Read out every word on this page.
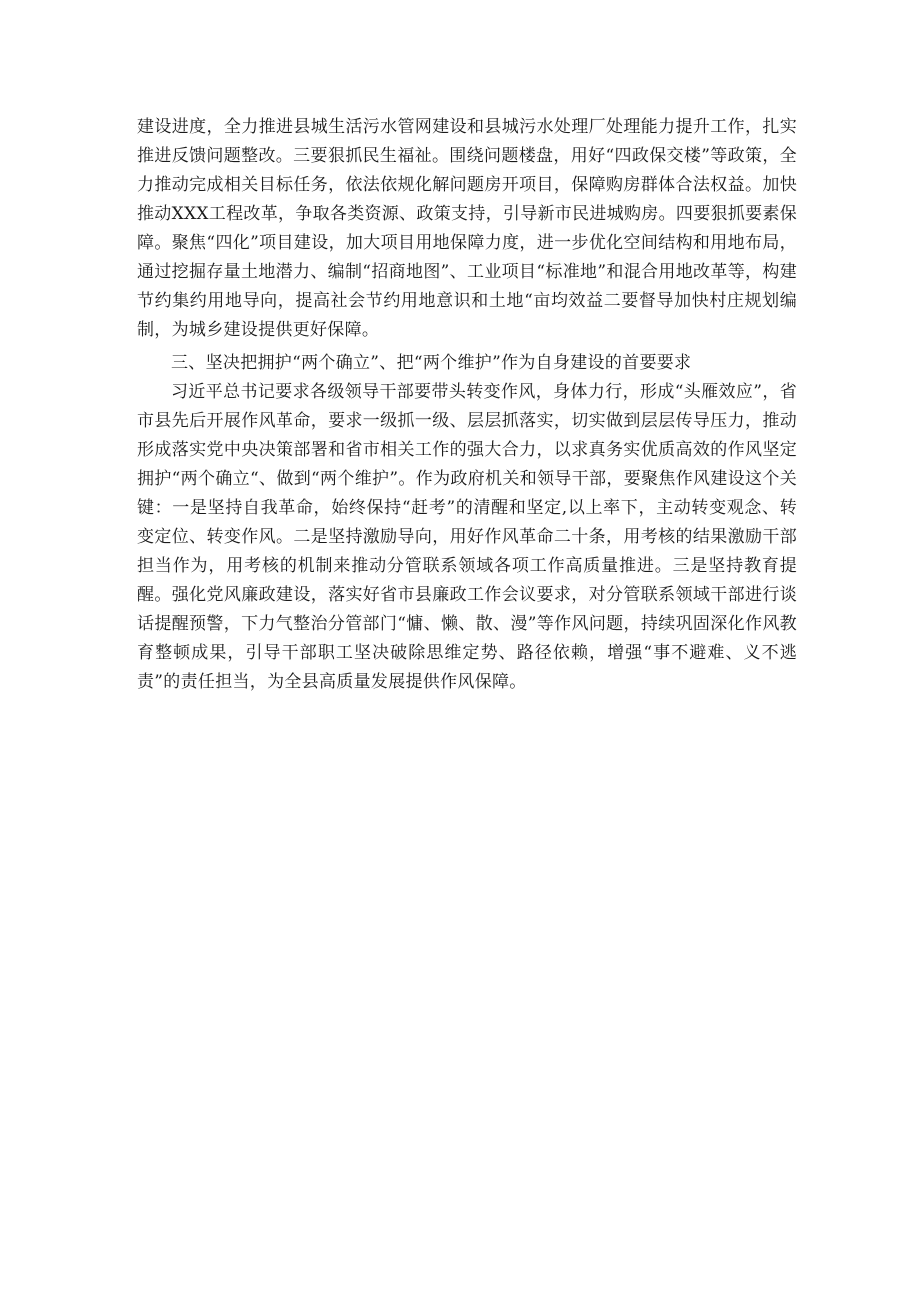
建设进度，全力推进县城生活污水管网建设和县城污水处理厂处理能力提升工作，扎实推进反馈问题整改。三要狠抓民生福祉。围绕问题楼盘，用好“四政保交楼”等政策，全力推动完成相关目标任务，依法依规化解问题房开项目，保障购房群体合法权益。加快推动XXX工程改革，争取各类资源、政策支持，引导新市民进城购房。四要狠抓要素保障。聚焦“四化”项目建设，加大项目用地保障力度，进一步优化空间结构和用地布局，通过挖掘存量土地潜力、编制“招商地图”、工业项目“标准地”和混合用地改革等，构建节约集约用地导向，提高社会节约用地意识和土地“亩均效益二要督导加快村庄规划编制，为城乡建设提供更好保障。

三、坚决把拥护“两个确立”、把“两个维护”作为自身建设的首要要求

习近平总书记要求各级领导干部要带头转变作风，身体力行，形成“头雁效应”，省市县先后开展作风革命，要求一级抓一级、层层抓落实，切实做到层层传导压力，推动形成落实党中央决策部署和省市相关工作的强大合力，以求真务实优质高效的作风坚定拥护“两个确立“、做到“两个维护”。作为政府机关和领导干部，要聚焦作风建设这个关键：一是坚持自我革命，始终保持“赶考”的清醒和坚定,以上率下，主动转变观念、转变定位、转变作风。二是坚持激励导向，用好作风革命二十条，用考核的结果激励干部担当作为，用考核的机制来推动分管联系领域各项工作高质量推进。三是坚持教育提醒。强化党风廉政建设，落实好省市县廉政工作会议要求，对分管联系领域干部进行谈话提醒预警，下力气整治分管部门“慵、懒、散、漫”等作风问题，持续巩固深化作风教育整顿成果，引导干部职工坚决破除思维定势、路径依赖，增强“事不避难、义不逃责”的责任担当，为全县高质量发展提供作风保障。
